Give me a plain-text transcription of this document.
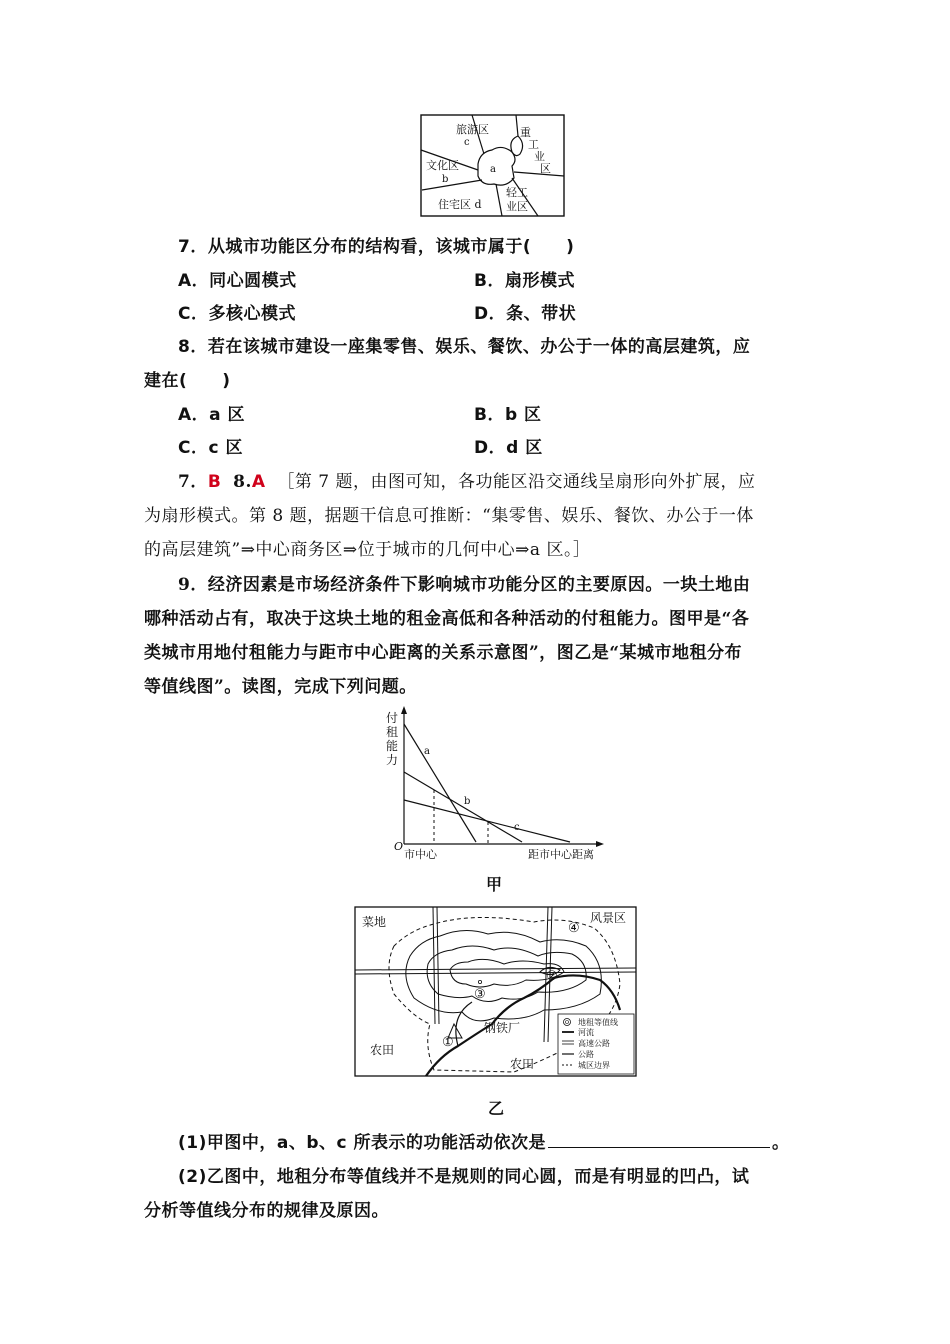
旅游区
c
重
工
业
区
文化区
b
a
住宅区 d
轻工
业区
7．从城市功能区分布的结构看，该城市属于(　　)
A．同心圆模式	B．扇形模式
C．多核心模式	D．条、带状
8．若在该城市建设一座集零售、娱乐、餐饮、办公于一体的高层建筑，应
建在(　　)
A．a 区	B．b 区
C．c 区	D．d 区
7．B 8.A ［第 7 题，由图可知，各功能区沿交通线呈扇形向外扩展，应
为扇形模式。第 8 题，据题干信息可推断：“集零售、娱乐、餐饮、办公于一体
的高层建筑”⇒中心商务区⇒位于城市的几何中心⇒a 区。］
9．经济因素是市场经济条件下影响城市功能分区的主要原因。一块土地由
哪种活动占有，取决于这块土地的租金高低和各种活动的付租能力。图甲是“各
类城市用地付租能力与距市中心距离的关系示意图”，图乙是“某城市地租分布
等值线图”。读图，完成下列问题。
付
租
能
力
O
市中心	距市中心距离
a
b
c
甲
菜地	风景区
农田
农田
钢铁厂
①
②
③
④
地租等值线
河流
高速公路
公路
城区边界
乙
(1)甲图中，a、b、c 所表示的功能活动依次是	。
(2)乙图中，地租分布等值线并不是规则的同心圆，而是有明显的凹凸，试
分析等值线分布的规律及原因。
